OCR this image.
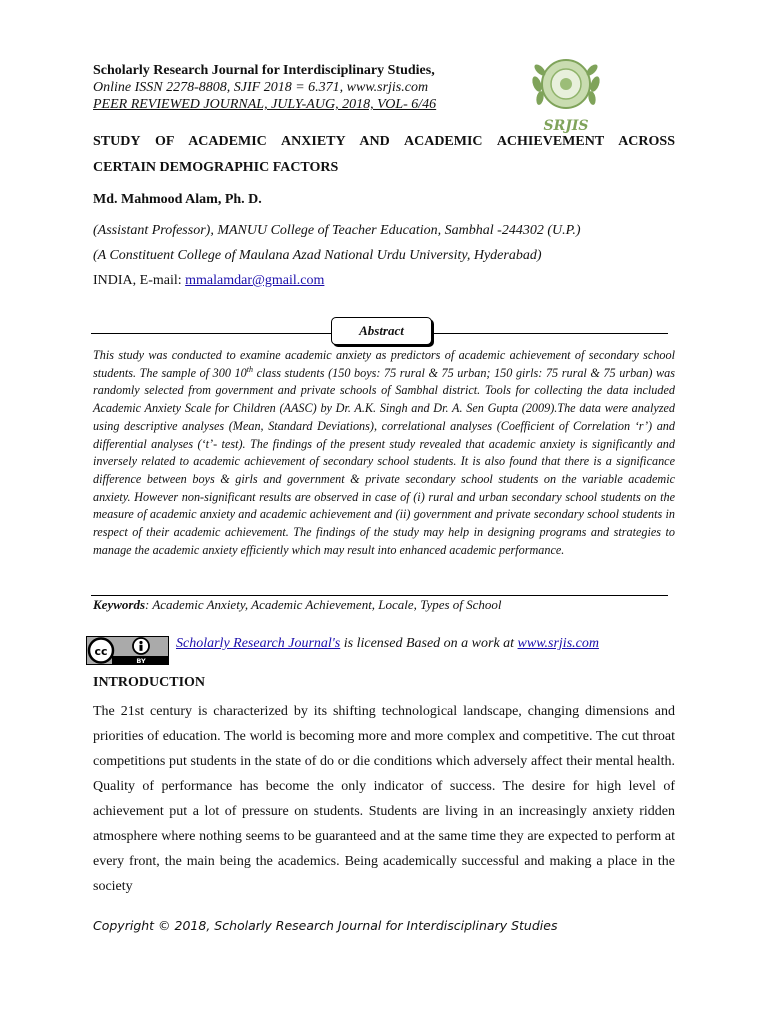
Scholarly Research Journal for Interdisciplinary Studies,
Online ISSN 2278-8808, SJIF 2018 = 6.371, www.srjis.com
PEER REVIEWED JOURNAL, JULY-AUG, 2018, VOL- 6/46
SRJIS
STUDY OF ACADEMIC ANXIETY AND ACADEMIC ACHIEVEMENT ACROSS
CERTAIN DEMOGRAPHIC FACTORS
Md. Mahmood Alam, Ph. D.
(Assistant Professor), MANUU College of Teacher Education, Sambhal -244302 (U.P.)
(A Constituent College of Maulana Azad National Urdu University, Hyderabad)
INDIA, E-mail: mmalamdar@gmail.com
Abstract
This study was conducted to examine academic anxiety as predictors of academic achievement of secondary school students. The sample of 300 10th class students (150 boys: 75 rural & 75 urban; 150 girls: 75 rural & 75 urban) was randomly selected from government and private schools of Sambhal district. Tools for collecting the data included Academic Anxiety Scale for Children (AASC) by Dr. A.K. Singh and Dr. A. Sen Gupta (2009).The data were analyzed using descriptive analyses (Mean, Standard Deviations), correlational analyses (Coefficient of Correlation ‘r’) and differential analyses (‘t’- test). The findings of the present study revealed that academic anxiety is significantly and inversely related to academic achievement of secondary school students. It is also found that there is a significance difference between boys & girls and government & private secondary school students on the variable academic anxiety. However non-significant results are observed in case of (i) rural and urban secondary school students on the measure of academic anxiety and academic achievement and (ii) government and private secondary school students in respect of their academic achievement. The findings of the study may help in designing programs and strategies to manage the academic anxiety efficiently which may result into enhanced academic performance.
Keywords: Academic Anxiety, Academic Achievement, Locale, Types of School
cc
BY
Scholarly Research Journal's is licensed Based on a work at www.srjis.com
INTRODUCTION
The 21st century is characterized by its shifting technological landscape, changing dimensions and priorities of education. The world is becoming more and more complex and competitive. The cut throat competitions put students in the state of do or die conditions which adversely affect their mental health. Quality of performance has become the only indicator of success. The desire for high level of achievement put a lot of pressure on students. Students are living in an increasingly anxiety ridden atmosphere where nothing seems to be guaranteed and at the same time they are expected to perform at every front, the main being the academics. Being academically successful and making a place in the society
Copyright © 2018, Scholarly Research Journal for Interdisciplinary Studies
